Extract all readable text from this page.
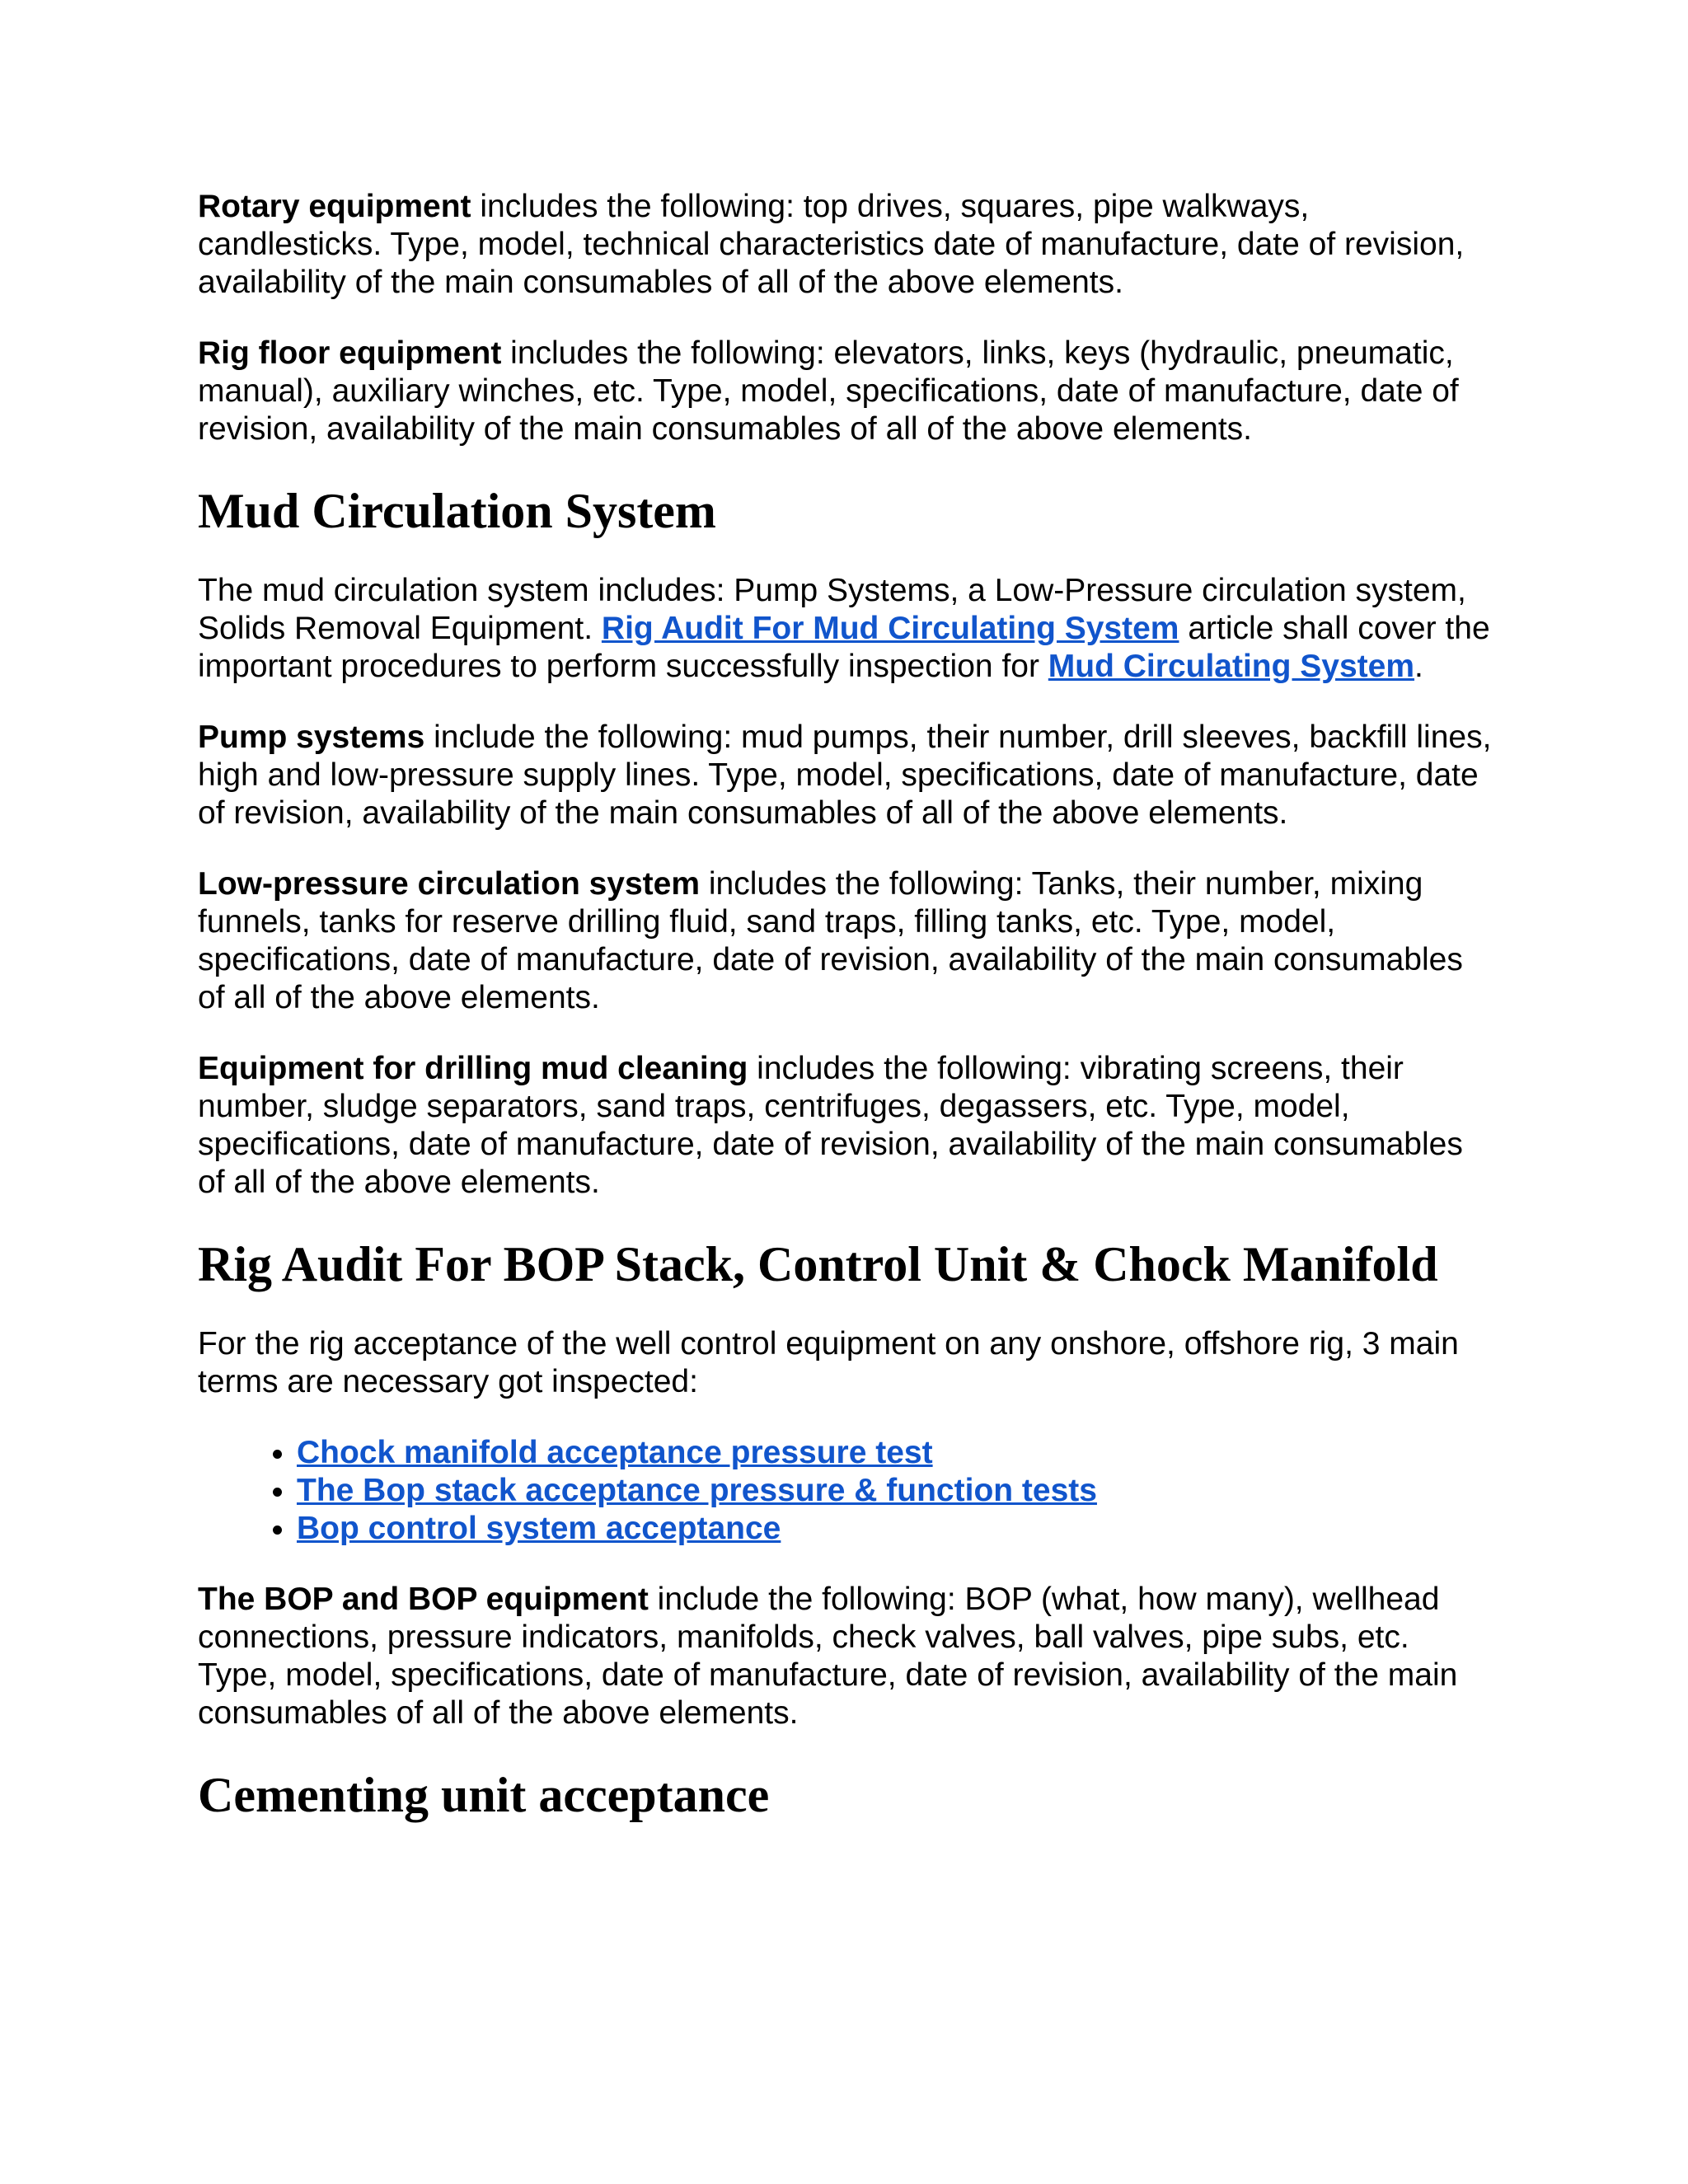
Rotary equipment includes the following: top drives, squares, pipe walkways, candlesticks. Type, model, technical characteristics date of manufacture, date of revision, availability of the main consumables of all of the above elements.

Rig floor equipment includes the following: elevators, links, keys (hydraulic, pneumatic, manual), auxiliary winches, etc. Type, model, specifications, date of manufacture, date of revision, availability of the main consumables of all of the above elements.

Mud Circulation System

The mud circulation system includes: Pump Systems, a Low-Pressure circulation system, Solids Removal Equipment. Rig Audit For Mud Circulating System article shall cover the important procedures to perform successfully inspection for Mud Circulating System.

Pump systems include the following: mud pumps, their number, drill sleeves, backfill lines, high and low-pressure supply lines. Type, model, specifications, date of manufacture, date of revision, availability of the main consumables of all of the above elements.

Low-pressure circulation system includes the following: Tanks, their number, mixing funnels, tanks for reserve drilling fluid, sand traps, filling tanks, etc. Type, model, specifications, date of manufacture, date of revision, availability of the main consumables of all of the above elements.

Equipment for drilling mud cleaning includes the following: vibrating screens, their number, sludge separators, sand traps, centrifuges, degassers, etc. Type, model, specifications, date of manufacture, date of revision, availability of the main consumables of all of the above elements.

Rig Audit For BOP Stack, Control Unit & Chock Manifold

For the rig acceptance of the well control equipment on any onshore, offshore rig, 3 main terms are necessary got inspected:

• Chock manifold acceptance pressure test
• The Bop stack acceptance pressure & function tests
• Bop control system acceptance

The BOP and BOP equipment include the following: BOP (what, how many), wellhead connections, pressure indicators, manifolds, check valves, ball valves, pipe subs, etc. Type, model, specifications, date of manufacture, date of revision, availability of the main consumables of all of the above elements.

Cementing unit acceptance
